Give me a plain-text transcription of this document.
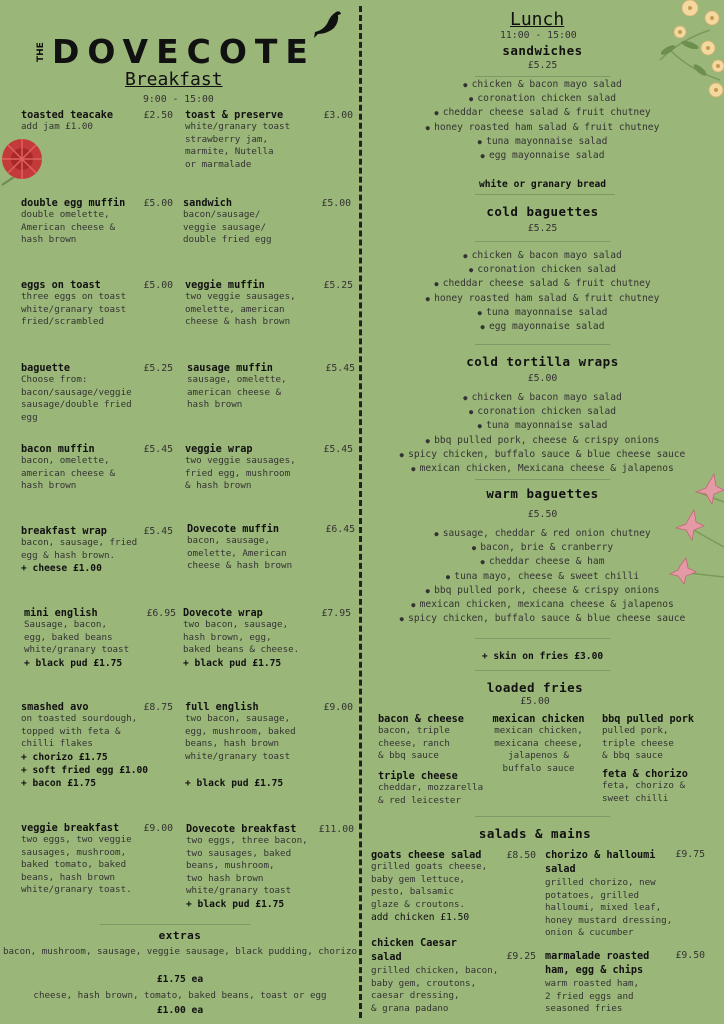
THE DOVECOTE
Breakfast
9:00 - 15:00
toasted teacake	£2.50
add jam £1.00
toast & preserve	£3.00
white/granary toast
strawberry jam,
marmite, Nutella
or marmalade
double egg muffin	£5.00
double omelette,
American cheese &
hash brown
sandwich	£5.00
bacon/sausage/
veggie sausage/
double fried egg
eggs on toast	£5.00
three eggs on toast
white/granary toast
fried/scrambled
veggie muffin	£5.25
two veggie sausages,
omelette, american
cheese & hash brown
baguette	£5.25
Choose from:
bacon/sausage/veggie
sausage/double fried
egg
sausage muffin	£5.45
sausage, omelette,
american cheese &
hash brown
bacon muffin	£5.45
bacon, omelette,
american cheese &
hash brown
veggie wrap	£5.45
two veggie sausages,
fried egg, mushroom
& hash brown
breakfast wrap	£5.45
bacon, sausage, fried
egg & hash brown.
+ cheese £1.00
Dovecote muffin	£6.45
bacon, sausage,
omelette, American
cheese & hash brown
mini english	£6.95
Sausage, bacon,
egg, baked beans
white/granary toast
+ black pud £1.75
Dovecote wrap	£7.95
two bacon, sausage,
hash brown, egg,
baked beans & cheese.
+ black pud £1.75
smashed avo	£8.75
on toasted sourdough,
topped with feta &
chilli flakes
+ chorizo £1.75
+ soft fried egg £1.00
+ bacon £1.75
full english	£9.00
two bacon, sausage,
egg, mushroom, baked
beans, hash brown
white/granary toast
+ black pud £1.75
veggie breakfast	£9.00
two eggs, two veggie
sausages, mushroom,
baked tomato, baked
beans, hash brown
white/granary toast.
Dovecote breakfast	£11.00
two eggs, three bacon,
two sausages, baked
beans, mushroom,
two hash brown
white/granary toast
+ black pud £1.75
extras
bacon, mushroom, sausage, veggie sausage, black pudding, chorizo
£1.75 ea
cheese, hash brown, tomato, baked beans, toast or egg
£1.00 ea
Lunch
11:00 - 15:00
sandwiches
£5.25
● chicken & bacon mayo salad
● coronation chicken salad
● cheddar cheese salad & fruit chutney
● honey roasted ham salad & fruit chutney
● tuna mayonnaise salad
● egg mayonnaise salad
white or granary bread
cold baguettes
£5.25
● chicken & bacon mayo salad
● coronation chicken salad
● cheddar cheese salad & fruit chutney
● honey roasted ham salad & fruit chutney
● tuna mayonnaise salad
● egg mayonnaise salad
cold tortilla wraps
£5.00
● chicken & bacon mayo salad
● coronation chicken salad
● tuna mayonnaise salad
● bbq pulled pork, cheese & crispy onions
● spicy chicken, buffalo sauce & blue cheese sauce
● mexican chicken, Mexicana cheese & jalapenos
warm baguettes
£5.50
● sausage, cheddar & red onion chutney
● bacon, brie & cranberry
● cheddar cheese & ham
● tuna mayo, cheese & sweet chilli
● bbq pulled pork, cheese & crispy onions
● mexican chicken, mexicana cheese & jalapenos
● spicy chicken, buffalo sauce & blue cheese sauce
+ skin on fries £3.00
loaded fries
£5.00
bacon & cheese
bacon, triple
cheese, ranch
& bbq sauce
mexican chicken
mexican chicken,
mexicana cheese,
jalapenos &
buffalo sauce
bbq pulled pork
pulled pork,
triple cheese
& bbq sauce
triple cheese
cheddar, mozzarella
& red leicester
feta & chorizo
feta, chorizo &
sweet chilli
salads & mains
goats cheese salad	£8.50
grilled goats cheese,
baby gem lettuce,
pesto, balsamic
glaze & croutons.
add chicken £1.50
chorizo & halloumi
salad
£9.75
grilled chorizo, new
potatoes, grilled
halloumi, mixed leaf,
honey mustard dressing,
onion & cucumber
chicken Caesar
salad	£9.25
grilled chicken, bacon,
baby gem, croutons,
caesar dressing,
& grana padano
marmalade roasted
ham, egg & chips
£9.50
warm roasted ham,
2 fried eggs and
seasoned fries
